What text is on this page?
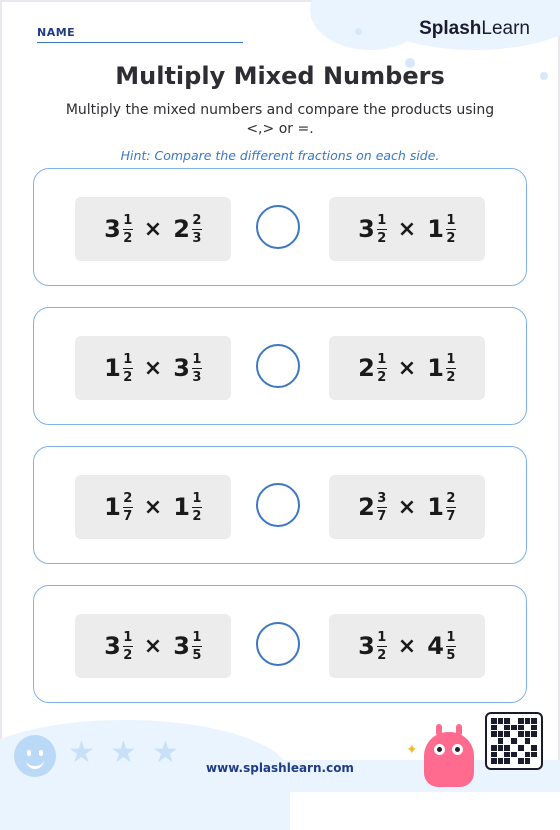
NAME	SplashLearn
Multiply Mixed Numbers
Multiply the mixed numbers and compare the products using <,> or =.
Hint: Compare the different fractions on each side.
$3 \frac{1}{2} \times 2 \frac{2}{3}$	$3 \frac{1}{2} \times 1 \frac{1}{2}$
$1 \frac{1}{2} \times 3 \frac{1}{3}$	$2 \frac{1}{2} \times 1 \frac{1}{2}$
$1 \frac{2}{7} \times 1 \frac{1}{2}$	$2 \frac{3}{7} \times 1 \frac{2}{7}$
$3 \frac{1}{2} \times 3 \frac{1}{5}$	$3 \frac{1}{2} \times 4 \frac{1}{5}$
★ ★ ★	www.splashlearn.com
✦
